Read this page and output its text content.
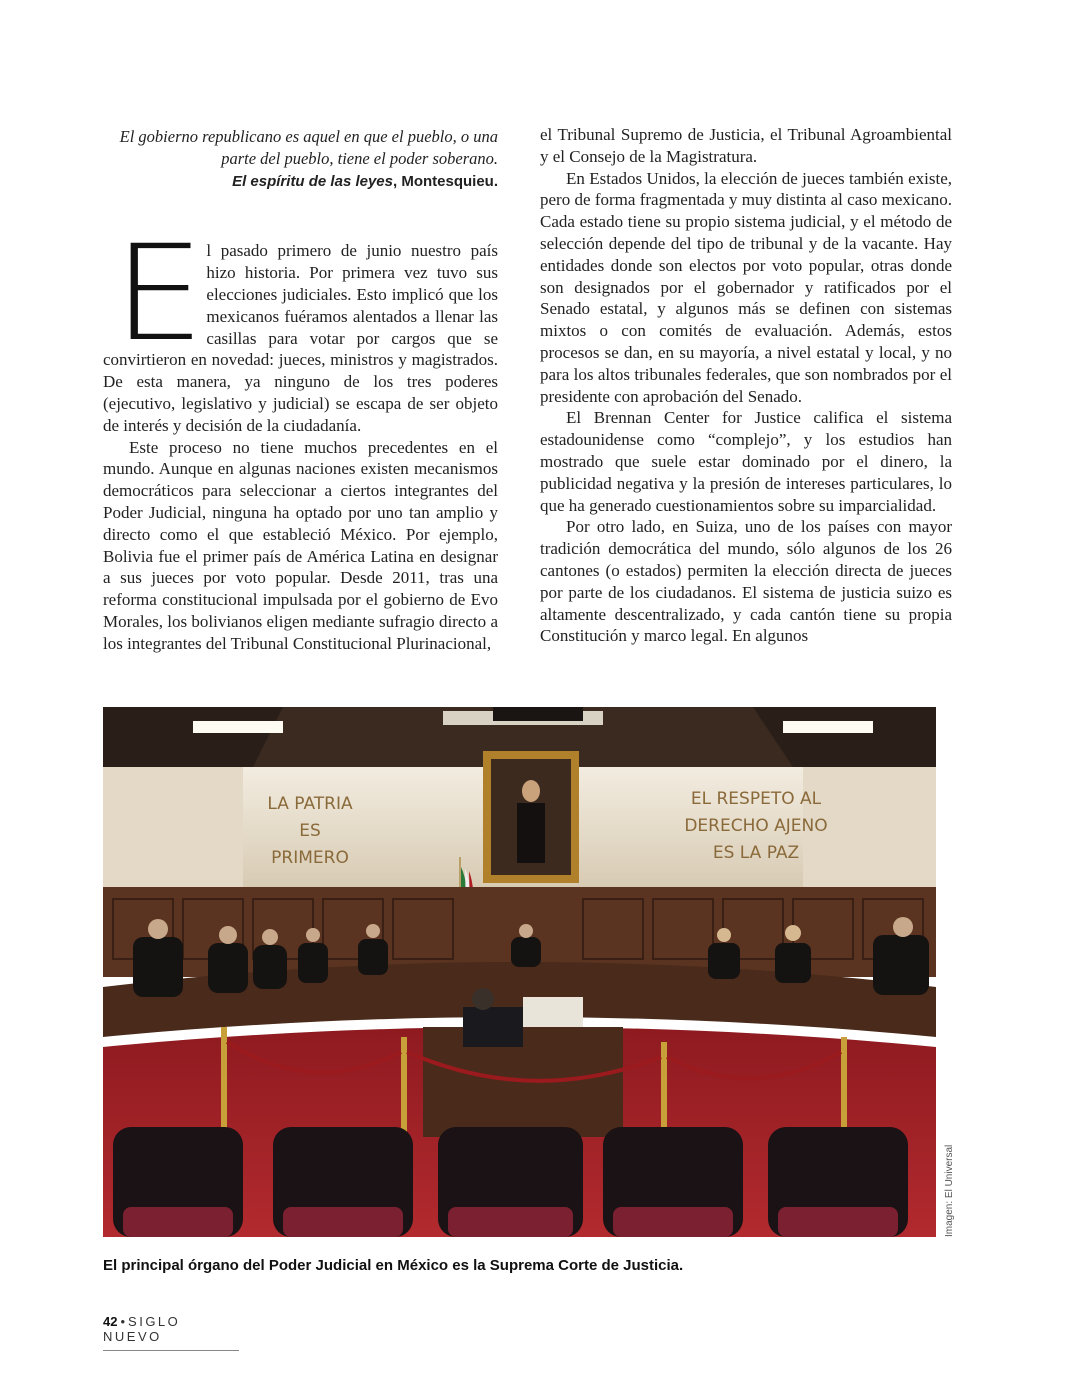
El gobierno republicano es aquel en que el pueblo, o una parte del pueblo, tiene el poder soberano.
El espíritu de las leyes, Montesquieu.
E l pasado primero de junio nuestro país hizo historia. Por primera vez tuvo sus elecciones judiciales. Esto implicó que los mexicanos fuéramos alentados a llenar las casillas para votar por cargos que se convirtieron en novedad: jueces, ministros y magistrados. De esta manera, ya ninguno de los tres poderes (ejecutivo, legislativo y judicial) se escapa de ser objeto de interés y decisión de la ciudadanía.

Este proceso no tiene muchos precedentes en el mundo. Aunque en algunas naciones existen mecanismos democráticos para seleccionar a ciertos integrantes del Poder Judicial, ninguna ha optado por uno tan amplio y directo como el que estableció México. Por ejemplo, Bolivia fue el primer país de América Latina en designar a sus jueces por voto popular. Desde 2011, tras una reforma constitucional impulsada por el gobierno de Evo Morales, los bolivianos eligen mediante sufragio directo a los integrantes del Tribunal Constitucional Plurinacional,

el Tribunal Supremo de Justicia, el Tribunal Agroambiental y el Consejo de la Magistratura.

En Estados Unidos, la elección de jueces también existe, pero de forma fragmentada y muy distinta al caso mexicano. Cada estado tiene su propio sistema judicial, y el método de selección depende del tipo de tribunal y de la vacante. Hay entidades donde son electos por voto popular, otras donde son designados por el gobernador y ratificados por el Senado estatal, y algunos más se definen con sistemas mixtos o con comités de evaluación. Además, estos procesos se dan, en su mayoría, a nivel estatal y local, y no para los altos tribunales federales, que son nombrados por el presidente con aprobación del Senado.

El Brennan Center for Justice califica el sistema estadounidense como “complejo”, y los estudios han mostrado que suele estar dominado por el dinero, la publicidad negativa y la presión de intereses particulares, lo que ha generado cuestionamientos sobre su imparcialidad.

Por otro lado, en Suiza, uno de los países con mayor tradición democrática del mundo, sólo algunos de los 26 cantones (o estados) permiten la elección directa de jueces por parte de los ciudadanos. El sistema de justicia suizo es altamente descentralizado, y cada cantón tiene su propia Constitución y marco legal. En algunos

LA PATRIA
ES
PRIMERO
EL RESPETO AL
DERECHO AJENO
ES LA PAZ
Imagen: El Universal
El principal órgano del Poder Judicial en México es la Suprema Corte de Justicia.
42 • SIGLO NUEVO
